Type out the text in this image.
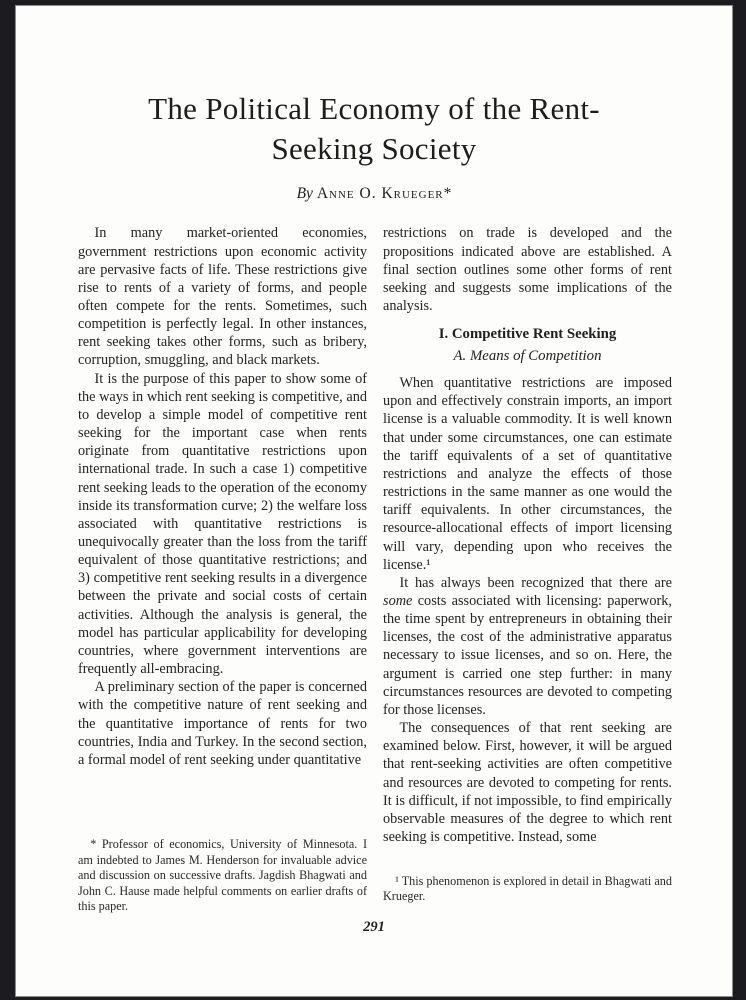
The Political Economy of the Rent-Seeking Society
By Anne O. Krueger*

In many market-oriented economies, government restrictions upon economic activity are pervasive facts of life. These restrictions give rise to rents of a variety of forms, and people often compete for the rents. Sometimes, such competition is perfectly legal. In other instances, rent seeking takes other forms, such as bribery, corruption, smuggling, and black markets.

It is the purpose of this paper to show some of the ways in which rent seeking is competitive, and to develop a simple model of competitive rent seeking for the important case when rents originate from quantitative restrictions upon international trade. In such a case 1) competitive rent seeking leads to the operation of the economy inside its transformation curve; 2) the welfare loss associated with quantitative restrictions is unequivocally greater than the loss from the tariff equivalent of those quantitative restrictions; and 3) competitive rent seeking results in a divergence between the private and social costs of certain activities. Although the analysis is general, the model has particular applicability for developing countries, where government interventions are frequently all-embracing.

A preliminary section of the paper is concerned with the competitive nature of rent seeking and the quantitative importance of rents for two countries, India and Turkey. In the second section, a formal model of rent seeking under quantitative

* Professor of economics, University of Minnesota. I am indebted to James M. Henderson for invaluable advice and discussion on successive drafts. Jagdish Bhagwati and John C. Hause made helpful comments on earlier drafts of this paper.

restrictions on trade is developed and the propositions indicated above are established. A final section outlines some other forms of rent seeking and suggests some implications of the analysis.

I. Competitive Rent Seeking
A. Means of Competition

When quantitative restrictions are imposed upon and effectively constrain imports, an import license is a valuable commodity. It is well known that under some circumstances, one can estimate the tariff equivalents of a set of quantitative restrictions and analyze the effects of those restrictions in the same manner as one would the tariff equivalents. In other circumstances, the resource-allocational effects of import licensing will vary, depending upon who receives the license.¹

It has always been recognized that there are some costs associated with licensing: paperwork, the time spent by entrepreneurs in obtaining their licenses, the cost of the administrative apparatus necessary to issue licenses, and so on. Here, the argument is carried one step further: in many circumstances resources are devoted to competing for those licenses.

The consequences of that rent seeking are examined below. First, however, it will be argued that rent-seeking activities are often competitive and resources are devoted to competing for rents. It is difficult, if not impossible, to find empirically observable measures of the degree to which rent seeking is competitive. Instead, some

¹ This phenomenon is explored in detail in Bhagwati and Krueger.
291
